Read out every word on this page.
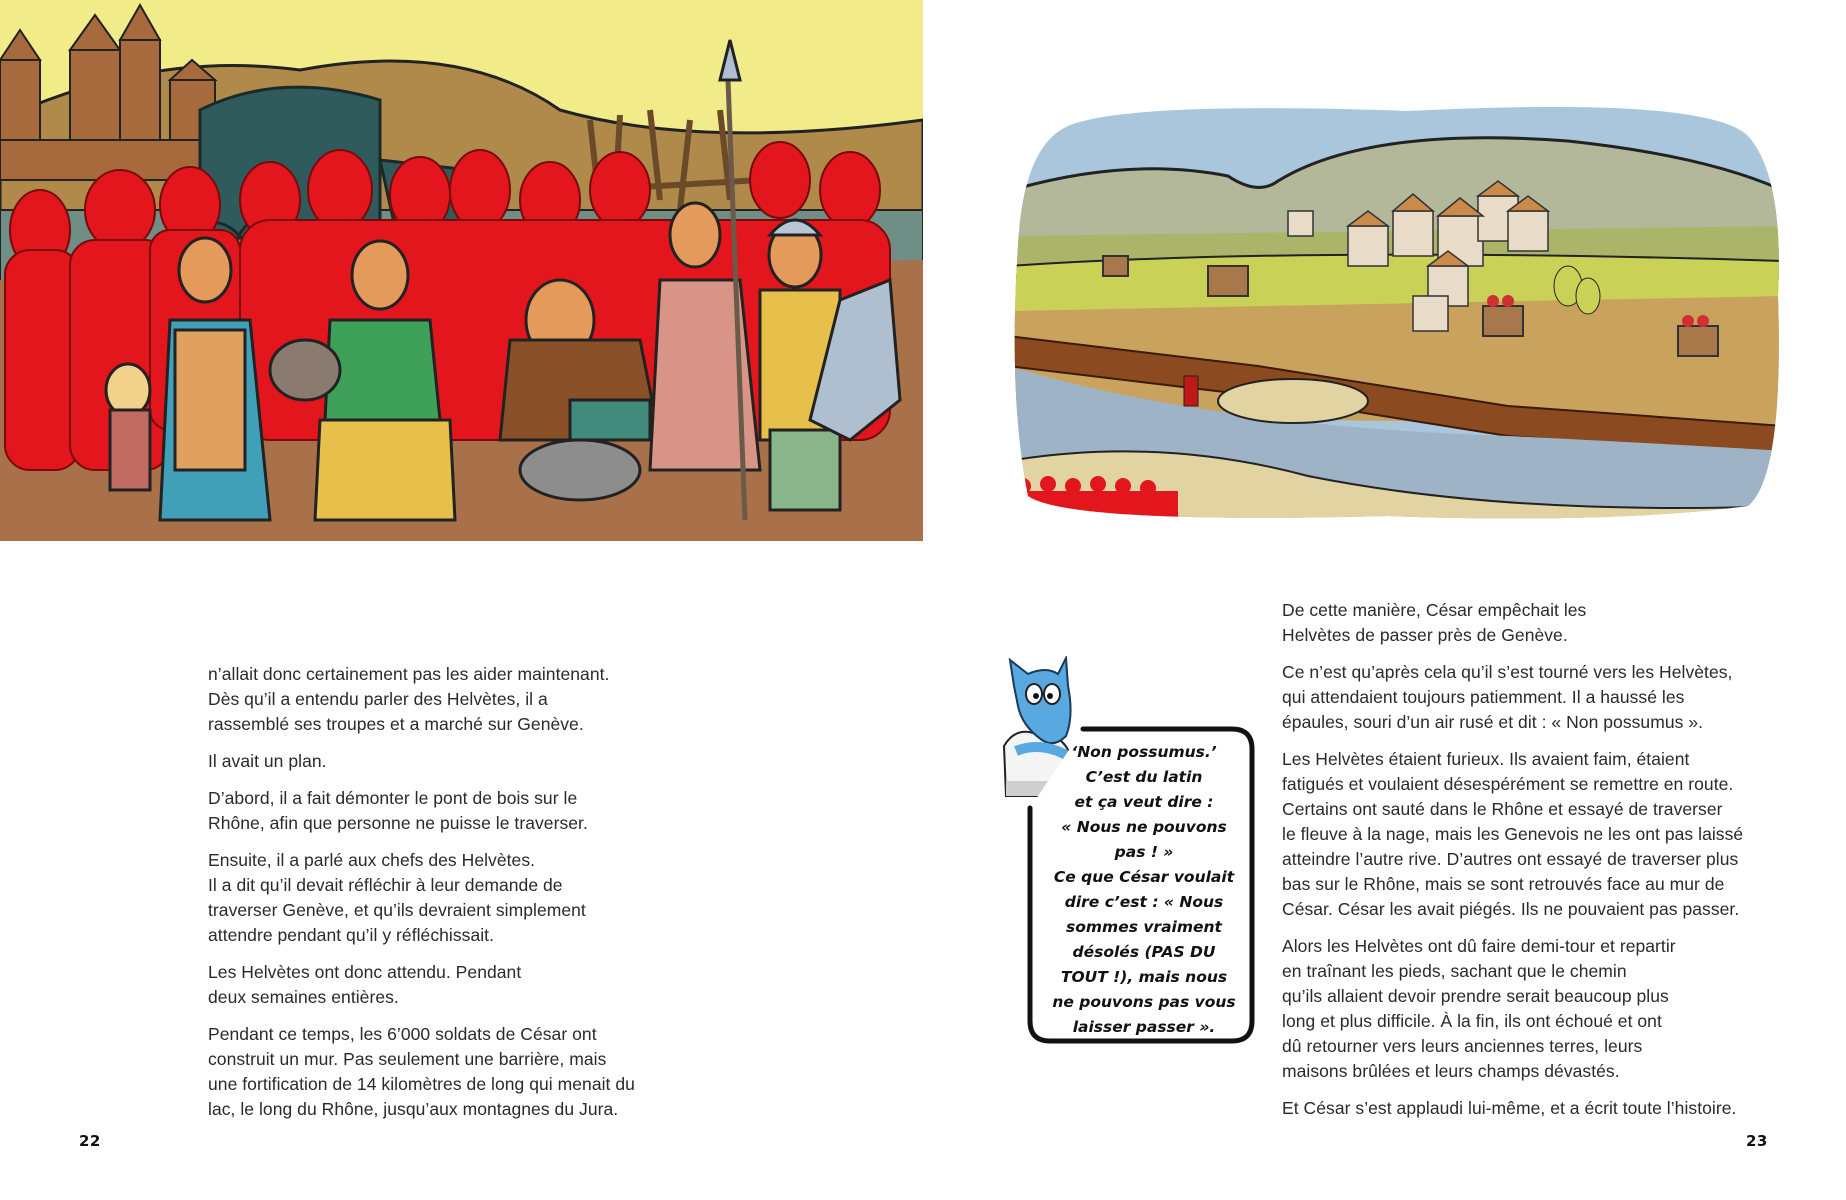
n’allait donc certainement pas les aider maintenant.
Dès qu’il a entendu parler des Helvètes, il a
rassemblé ses troupes et a marché sur Genève.

Il avait un plan.

D’abord, il a fait démonter le pont de bois sur le
Rhône, afin que personne ne puisse le traverser.

Ensuite, il a parlé aux chefs des Helvètes.
Il a dit qu’il devait réfléchir à leur demande de
traverser Genève, et qu’ils devraient simplement
attendre pendant qu’il y réfléchissait.

Les Helvètes ont donc attendu. Pendant
deux semaines entières.

Pendant ce temps, les 6’000 soldats de César ont
construit un mur. Pas seulement une barrière, mais
une fortification de 14 kilomètres de long qui menait du
lac, le long du Rhône, jusqu’aux montagnes du Jura.

22
‘Non possumus.’
C’est du latin
et ça veut dire :
« Nous ne pouvons
pas ! »
Ce que César voulait
dire c’est : « Nous
sommes vraiment
désolés (PAS DU
TOUT !), mais nous
ne pouvons pas vous
laisser passer ».

De cette manière, César empêchait les
Helvètes de passer près de Genève.

Ce n’est qu’après cela qu’il s’est tourné vers les Helvètes,
qui attendaient toujours patiemment. Il a haussé les
épaules, souri d’un air rusé et dit : « Non possumus ».

Les Helvètes étaient furieux. Ils avaient faim, étaient
fatigués et voulaient désespérément se remettre en route.
Certains ont sauté dans le Rhône et essayé de traverser
le fleuve à la nage, mais les Genevois ne les ont pas laissé
atteindre l’autre rive. D’autres ont essayé de traverser plus
bas sur le Rhône, mais se sont retrouvés face au mur de
César. César les avait piégés. Ils ne pouvaient pas passer.

Alors les Helvètes ont dû faire demi-tour et repartir
en traînant les pieds, sachant que le chemin
qu’ils allaient devoir prendre serait beaucoup plus
long et plus difficile. À la fin, ils ont échoué et ont
dû retourner vers leurs anciennes terres, leurs
maisons brûlées et leurs champs dévastés.

Et César s’est applaudi lui-même, et a écrit toute l’histoire.

23
